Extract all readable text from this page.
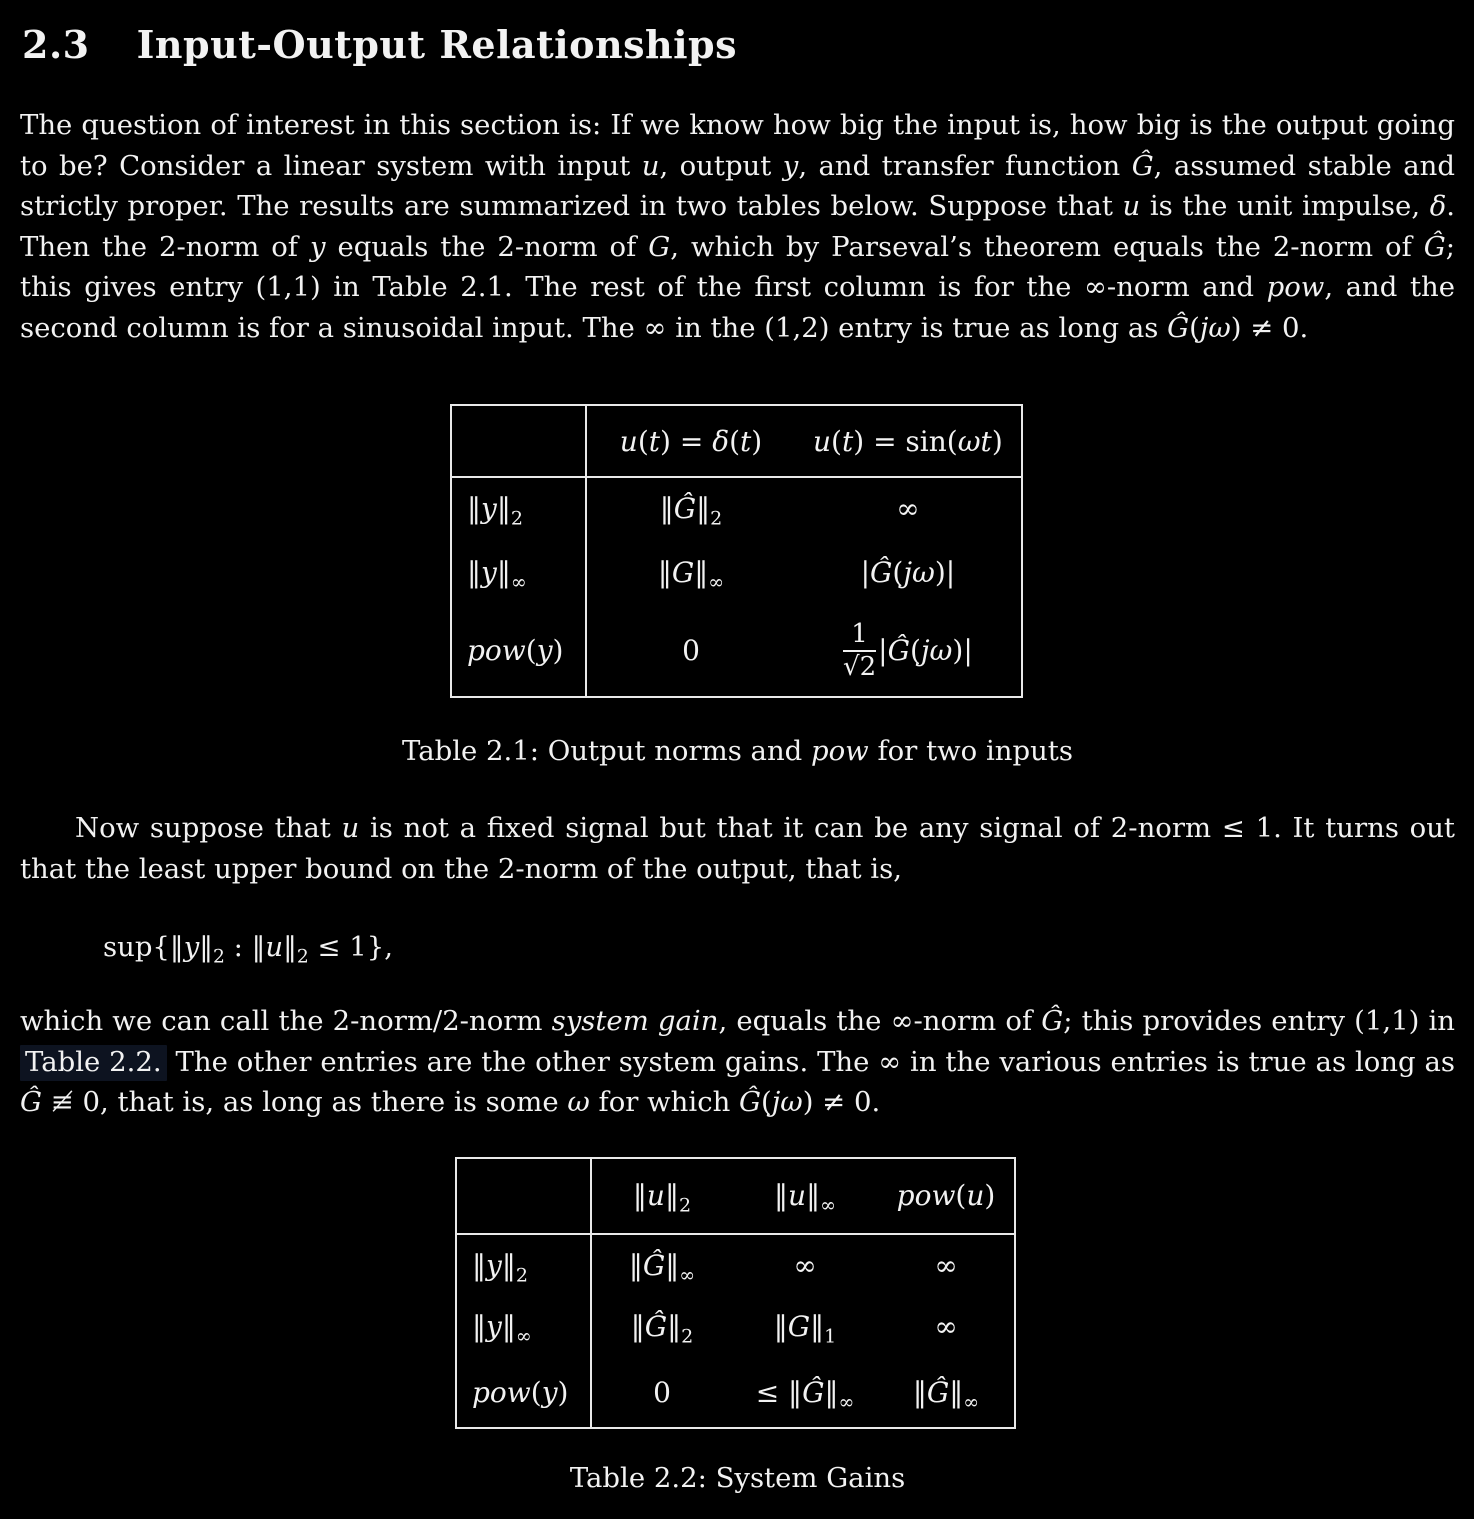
2.3 Input-Output Relationships

The question of interest in this section is: If we know how big the input is, how big is the output going to be? Consider a linear system with input u, output y, and transfer function Ĝ, assumed stable and strictly proper. The results are summarized in two tables below. Suppose that u is the unit impulse, δ. Then the 2-norm of y equals the 2-norm of G, which by Parseval’s theorem equals the 2-norm of Ĝ; this gives entry (1,1) in Table 2.1. The rest of the first column is for the ∞-norm and pow, and the second column is for a sinusoidal input. The ∞ in the (1,2) entry is true as long as Ĝ(jω) ≠ 0.

	u(t) = δ(t)	u(t) = sin(ωt)
$‖y‖_2$	$‖Ĝ‖_2$	∞
$‖y‖_\infty$	$‖G‖_\infty$	|Ĝ(jω)|
pow(y)	0	$\frac{1}{√2}$ |Ĝ(jω)|

Table 2.1: Output norms and pow for two inputs

Now suppose that u is not a fixed signal but that it can be any signal of 2-norm ≤ 1. It turns out that the least upper bound on the 2-norm of the output, that is,

$sup\{‖y‖_2$ : $‖u‖_2 \le 1$},

which we can call the 2-norm/2-norm system gain, equals the ∞-norm of Ĝ; this provides entry (1,1) in Table 2.2. The other entries are the other system gains. The ∞ in the various entries is true as long as Ĝ ≢ 0, that is, as long as there is some ω for which Ĝ(jω) ≠ 0.

	$‖u‖_2$	$‖u‖_\infty$	pow(u)
$‖y‖_2$	$‖Ĝ‖_\infty$	∞	∞
$‖y‖_\infty$	$‖Ĝ‖_2$	$‖G‖_1$	∞
pow(y)	0	≤ $‖Ĝ‖_\infty$	$‖Ĝ‖_\infty$

Table 2.2: System Gains
